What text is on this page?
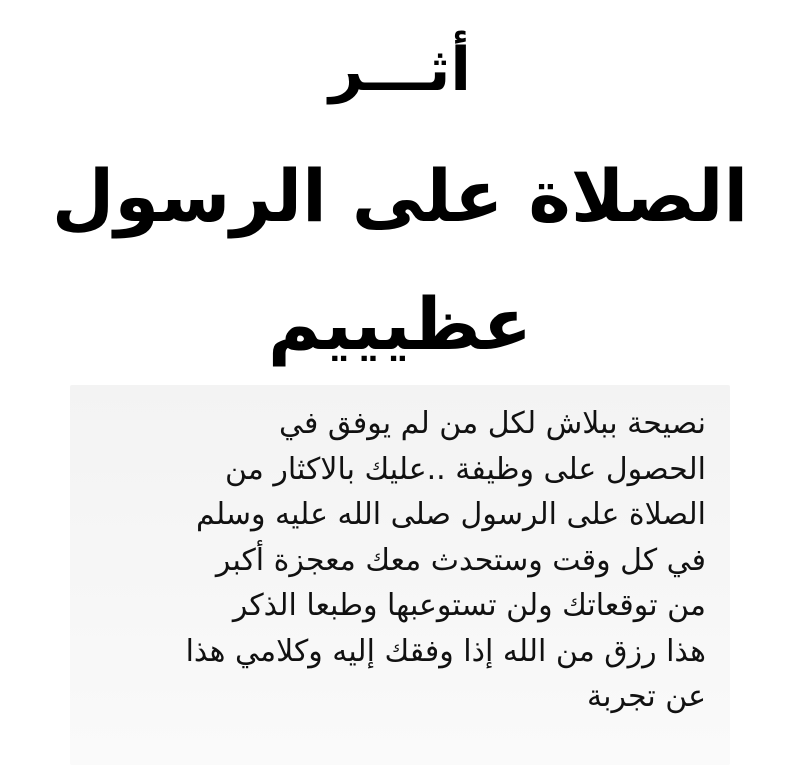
أثـــر
الصلاة على الرسول
عظيييم
نصيحة ببلاش لكل من لم يوفق في
الحصول على وظيفة ..عليك بالاكثار من
الصلاة على الرسول صلى الله عليه وسلم
في كل وقت وستحدث معك معجزة أكبر
من توقعاتك ولن تستوعبها وطبعا الذكر
هذا رزق من الله إذا وفقك إليه وكلامي هذا
عن تجربة
